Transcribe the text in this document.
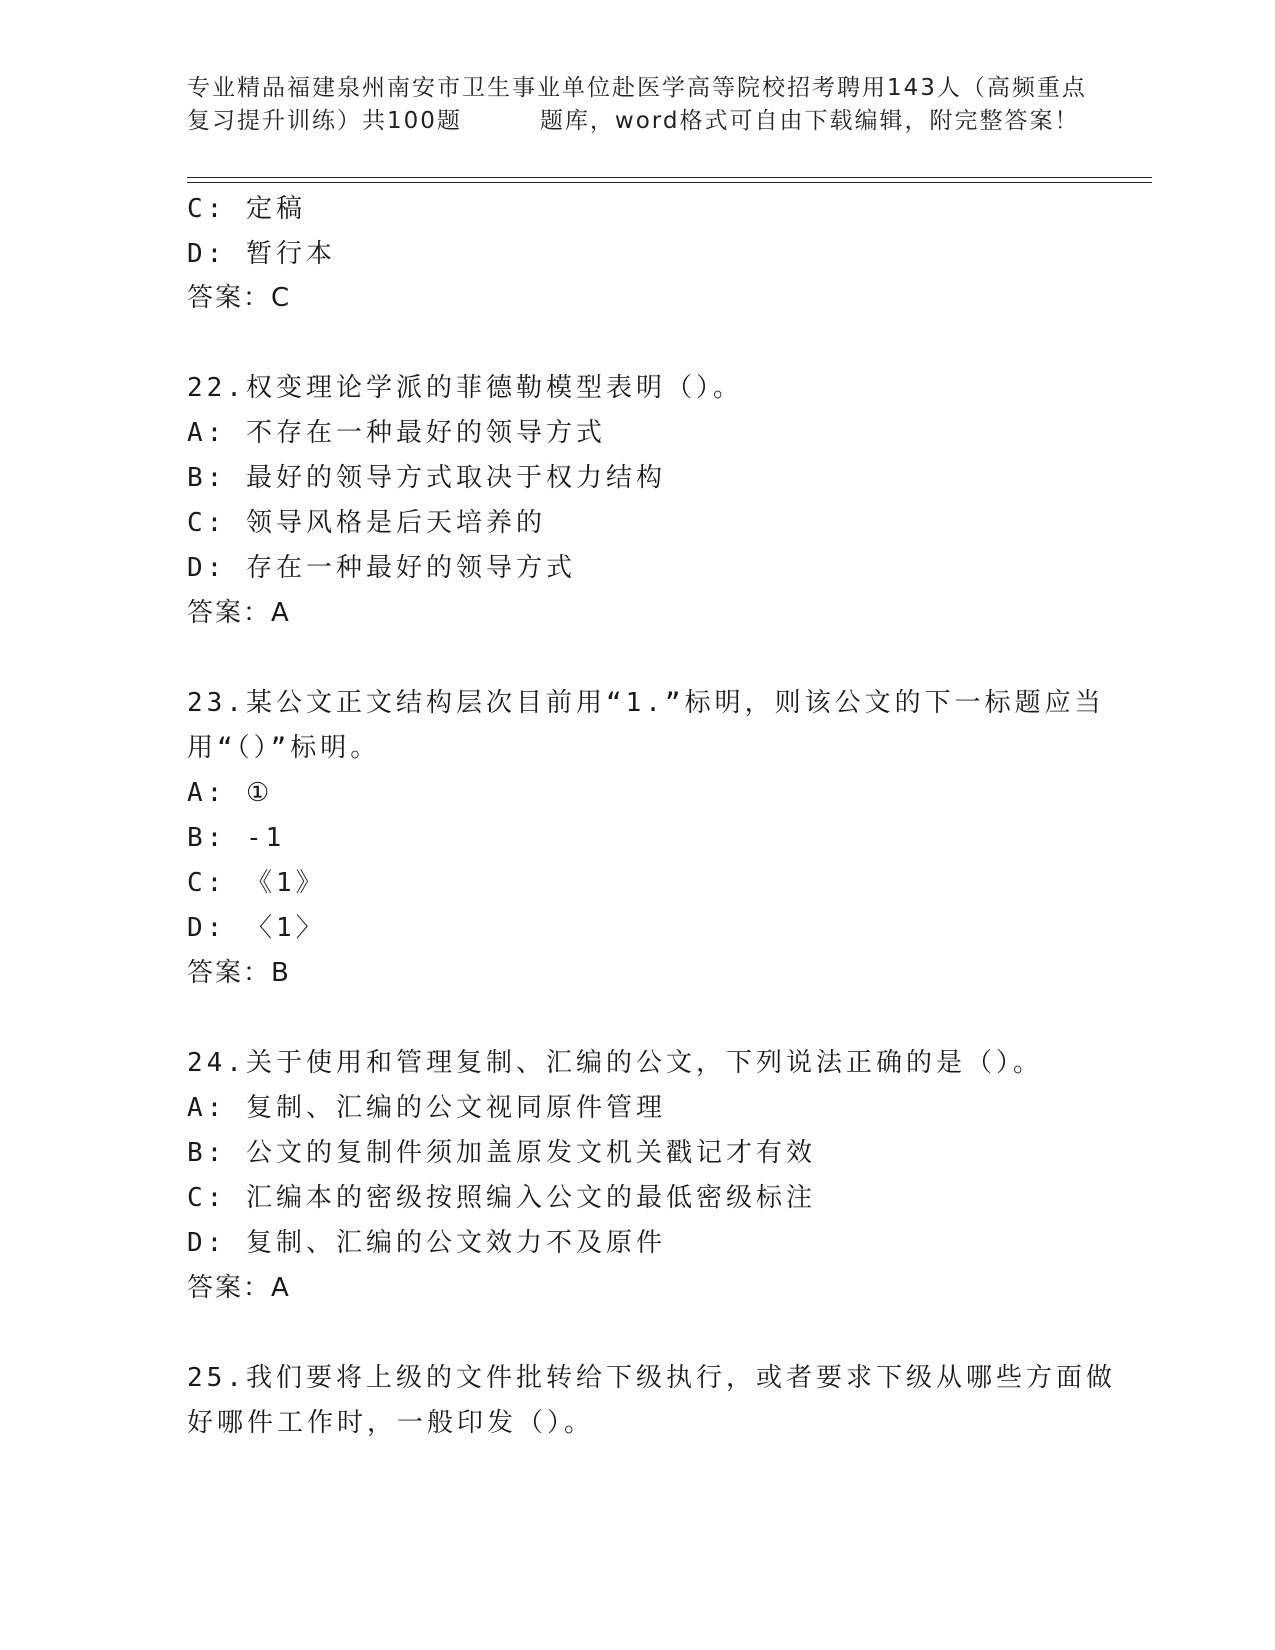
专业精品福建泉州南安市卫生事业单位赴医学高等院校招考聘用143人（高频重点
复习提升训练）共100题	题库，word格式可自由下载编辑，附完整答案！
C: 定稿
D: 暂行本
答案：C
22.权变理论学派的菲德勒模型表明（）。
A: 不存在一种最好的领导方式
B: 最好的领导方式取决于权力结构
C: 领导风格是后天培养的
D: 存在一种最好的领导方式
答案：A
23.某公文正文结构层次目前用“1.”标明，则该公文的下一标题应当
用“（）”标明。
A: ①
B: -1
C: 《1》
D: 〈1〉
答案：B
24.关于使用和管理复制、汇编的公文，下列说法正确的是（）。
A: 复制、汇编的公文视同原件管理
B: 公文的复制件须加盖原发文机关戳记才有效
C: 汇编本的密级按照编入公文的最低密级标注
D: 复制、汇编的公文效力不及原件
答案：A
25.我们要将上级的文件批转给下级执行，或者要求下级从哪些方面做
好哪件工作时，一般印发（）。
